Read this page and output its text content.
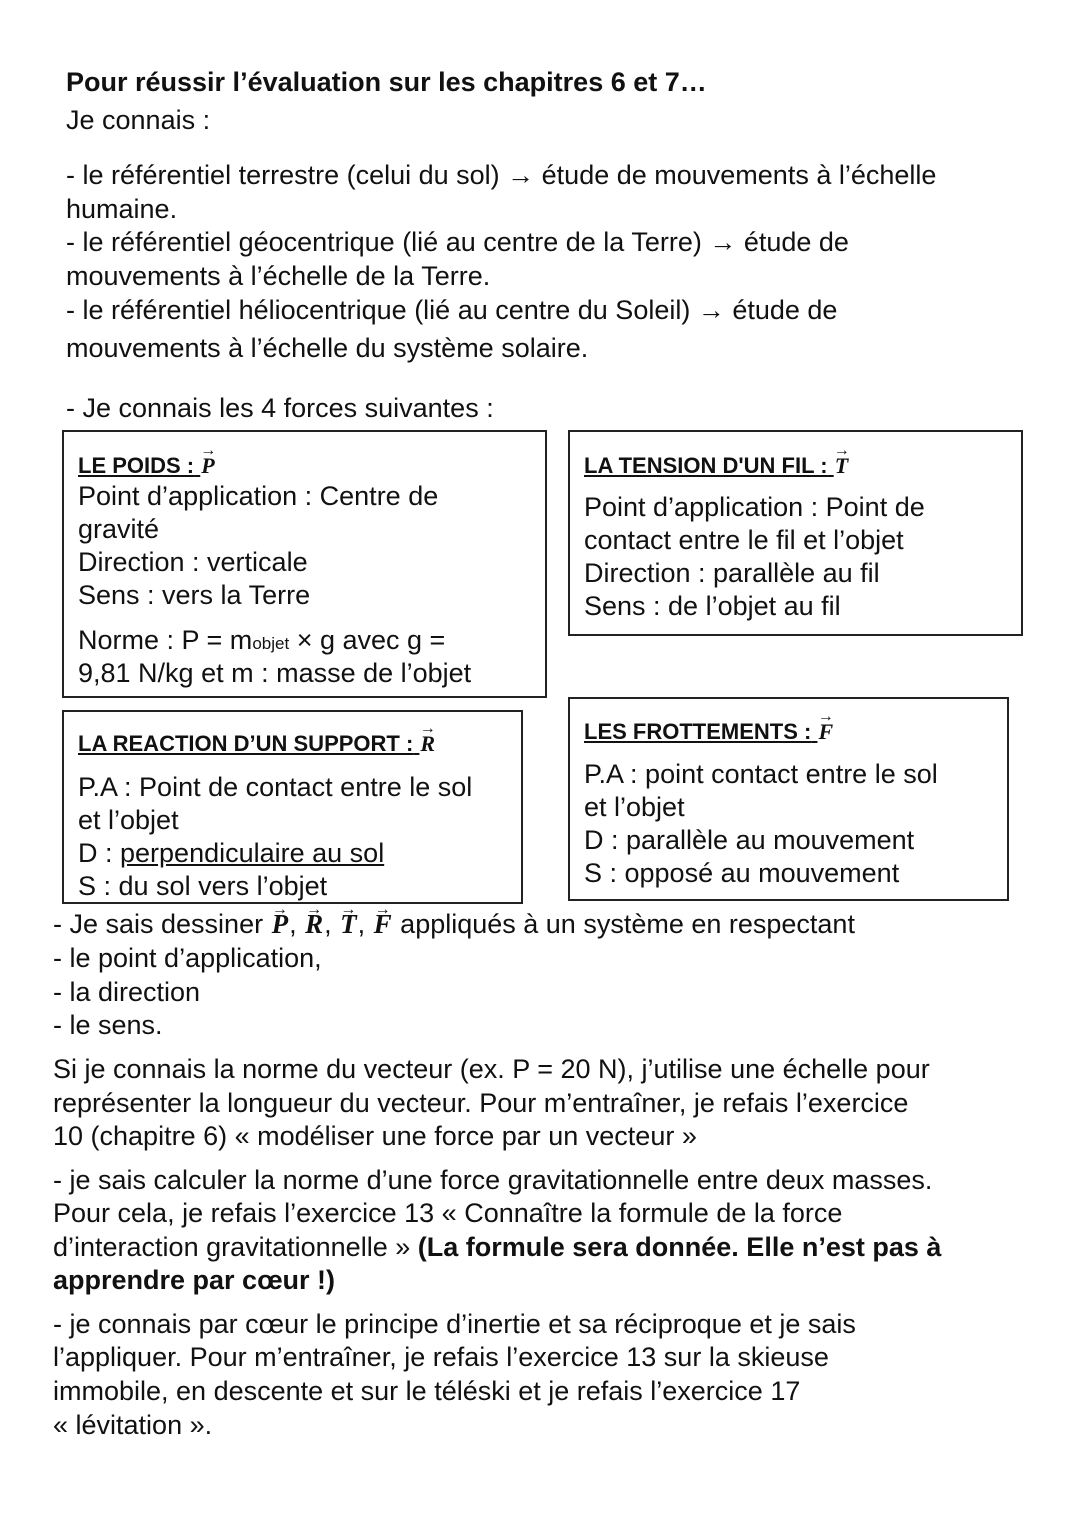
Pour réussir l’évaluation sur les chapitres 6 et 7…
Je connais :
- le référentiel terrestre (celui du sol) → étude de mouvements à l’échelle
humaine.
- le référentiel géocentrique (lié au centre de la Terre) → étude de
mouvements à l’échelle de la Terre.
- le référentiel héliocentrique (lié au centre du Soleil) → étude de
mouvements à l’échelle du système solaire.
- Je connais les 4 forces suivantes :
LE POIDS : → P
Point d’application : Centre de
gravité
Direction : verticale
Sens : vers la Terre
Norme : P = mobjet × g avec g =
9,81 N/kg et m : masse de l’objet
LA TENSION D'UN FIL : → T
Point d’application : Point de
contact entre le fil et l’objet
Direction : parallèle au fil
Sens : de l’objet au fil
LA REACTION D’UN SUPPORT : → R
P.A : Point de contact entre le sol
et l’objet
D : perpendiculaire au sol
S : du sol vers l’objet
LES FROTTEMENTS : → F
P.A : point contact entre le sol
et l’objet
D : parallèle au mouvement
S : opposé au mouvement
- Je sais dessiner → P, → R, → T, → F appliqués à un système en respectant
- le point d’application,
- la direction
- le sens.
Si je connais la norme du vecteur (ex. P = 20 N), j’utilise une échelle pour
représenter la longueur du vecteur. Pour m’entraîner, je refais l’exercice
10 (chapitre 6) « modéliser une force par un vecteur »
- je sais calculer la norme d’une force gravitationnelle entre deux masses.
Pour cela, je refais l’exercice 13 « Connaître la formule de la force
d’interaction gravitationnelle » (La formule sera donnée. Elle n’est pas à
apprendre par cœur !)
- je connais par cœur le principe d’inertie et sa réciproque et je sais
l’appliquer. Pour m’entraîner, je refais l’exercice 13 sur la skieuse
immobile, en descente et sur le téléski et je refais l’exercice 17
« lévitation ».
